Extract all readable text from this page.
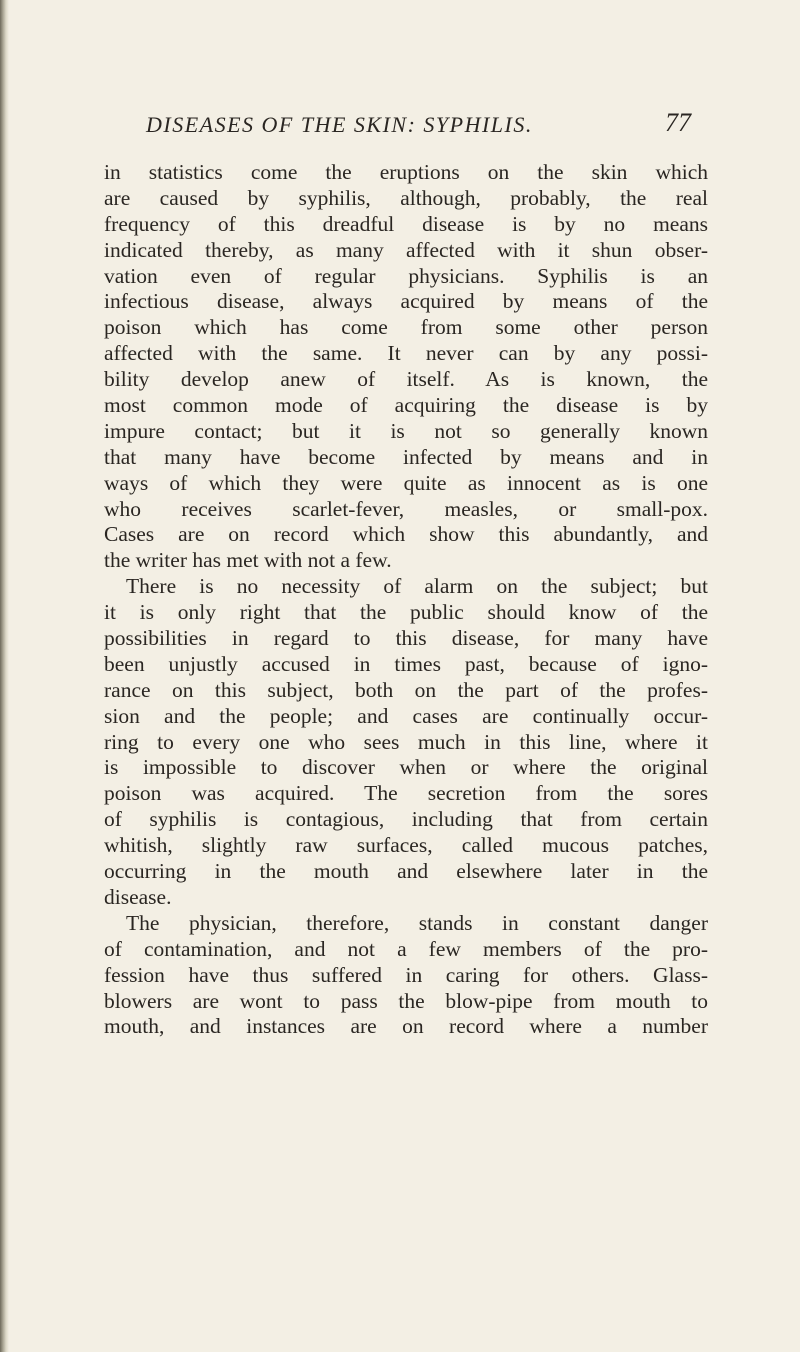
DISEASES OF THE SKIN: SYPHILIS.	77
in statistics come the eruptions on the skin which
are caused by syphilis, although, probably, the real
frequency of this dreadful disease is by no means
indicated thereby, as many affected with it shun obser-
vation even of regular physicians. Syphilis is an
infectious disease, always acquired by means of the
poison which has come from some other person
affected with the same. It never can by any possi-
bility develop anew of itself. As is known, the
most common mode of acquiring the disease is by
impure contact; but it is not so generally known
that many have become infected by means and in
ways of which they were quite as innocent as is one
who receives scarlet-fever, measles, or small-pox.
Cases are on record which show this abundantly, and
the writer has met with not a few.
There is no necessity of alarm on the subject; but
it is only right that the public should know of the
possibilities in regard to this disease, for many have
been unjustly accused in times past, because of igno-
rance on this subject, both on the part of the profes-
sion and the people; and cases are continually occur-
ring to every one who sees much in this line, where it
is impossible to discover when or where the original
poison was acquired. The secretion from the sores
of syphilis is contagious, including that from certain
whitish, slightly raw surfaces, called mucous patches,
occurring in the mouth and elsewhere later in the
disease.
The physician, therefore, stands in constant danger
of contamination, and not a few members of the pro-
fession have thus suffered in caring for others. Glass-
blowers are wont to pass the blow-pipe from mouth to
mouth, and instances are on record where a number
